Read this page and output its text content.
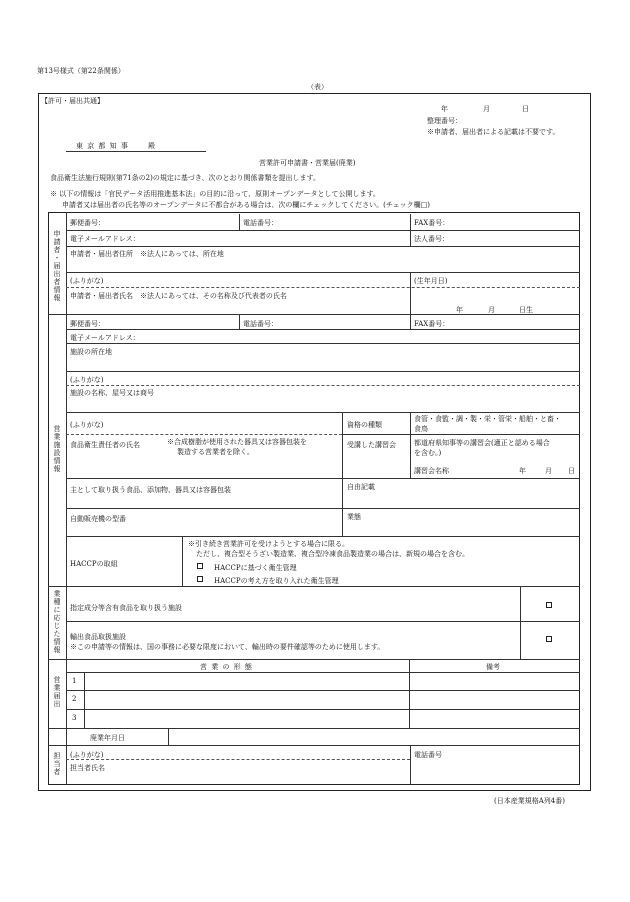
第13号様式（第22条関係）
（表）
【許可・届出共通】
年	月	日
整理番号：
※申請者、届出者による記載は不要です。
東 京 都 知 事 　　殿
営業許可申請書・営業届(廃業)
食品衛生法施行規則(第71条の2)の規定に基づき、次のとおり関係書類を提出します。
※ 以下の情報は「官民データ活用推進基本法」の目的に沿って、原則オープンデータとして公開します。
申請者又は届出者の氏名等のオープンデータに不都合がある場合は、次の欄にチェックしてください。(チェック欄□)
申請者・届出者情報
営業施設情報
業種に応じた情報
営業届出
担当者
郵便番号：	電話番号：	FAX番号：
電子メールアドレス：	法人番号：
申請者・届出者住所　※法人にあっては、所在地
(ふりがな)	(生年月日)
申請者・届出者氏名　※法人にあっては、その名称及び代表者の氏名
年	月	日生
郵便番号：	電話番号：	FAX番号：
電子メールアドレス：
施設の所在地
(ふりがな)
施設の名称、屋号又は商号
(ふりがな)	資格の種類
食管・食監・調・製・栄・管栄・船舶・と畜・
食鳥
食品衛生責任者の氏名	※合成樹脂が使用された器具又は容器包装を
製造する営業者を除く。
受講した講習会	都道府県知事等の講習会(適正と認める場合
を含む。)
講習会名称	年	月 日
主として取り扱う食品、添加物、器具又は容器包装	自由記載
自動販売機の型番	業態
HACCPの取組
※引き続き営業許可を受けようとする場合に限る。
ただし、複合型そうざい製造業、複合型冷凍食品製造業の場合は、新規の場合を含む。
HACCPに基づく衛生管理
HACCPの考え方を取り入れた衛生管理
指定成分等含有食品を取り扱う施設
輸出食品取扱施設
※この申請等の情報は、国の事務に必要な限度において、輸出時の要件確認等のために使用します。
営 業 の 形 態	備考
1
2
3
廃業年月日
(ふりがな)	電話番号
担当者氏名
(日本産業規格A列4番)
